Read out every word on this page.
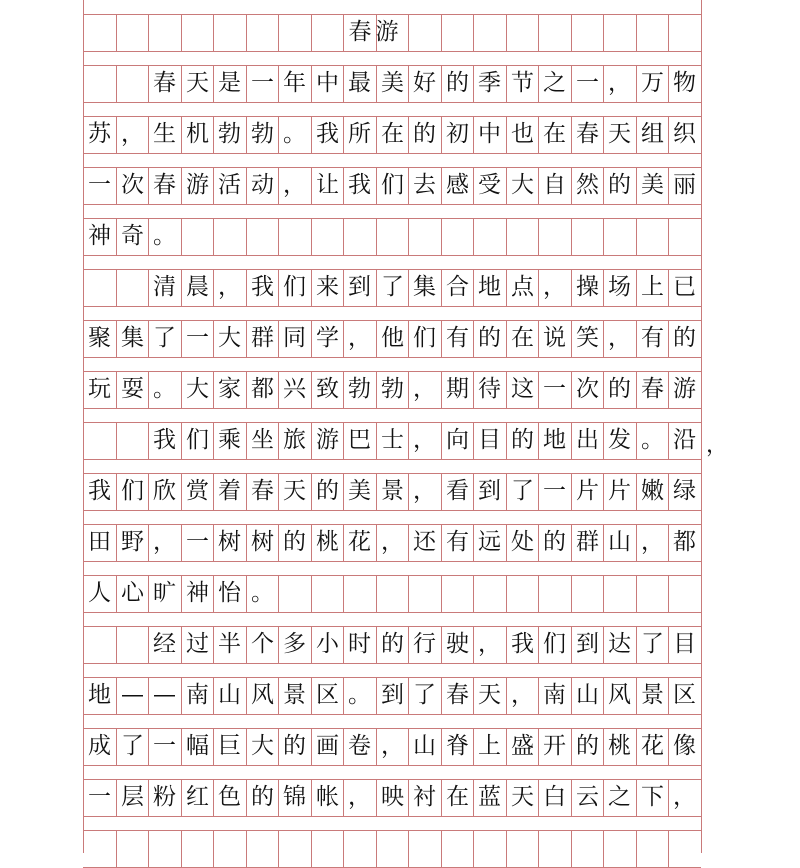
春游
春 天 是 一 年 中 最 美 好 的 季 节 之 一 ， 万 物
苏 ， 生 机 勃 勃 。 我 所 在 的 初 中 也 在 春 天 组 织
一 次 春 游 活 动 ， 让 我 们 去 感 受 大 自 然 的 美 丽
神 奇 。
清 晨 ， 我 们 来 到 了 集 合 地 点 ， 操 场 上 已
聚 集 了 一 大 群 同 学 ， 他 们 有 的 在 说 笑 ， 有 的
玩 耍 。 大 家 都 兴 致 勃 勃 ， 期 待 这 一 次 的 春 游
我 们 乘 坐 旅 游 巴 士 ， 向 目 的 地 出 发 。 沿
我 们 欣 赏 着 春 天 的 美 景 ， 看 到 了 一 片 片 嫩 绿
田 野 ， 一 树 树 的 桃 花 ， 还 有 远 处 的 群 山 ， 都
人 心 旷 神 怡 。
经 过 半 个 多 小 时 的 行 驶 ， 我 们 到 达 了 目
地 — — 南 山 风 景 区 。 到 了 春 天 ， 南 山 风 景 区
成 了 一 幅 巨 大 的 画 卷 ， 山 脊 上 盛 开 的 桃 花 像
一 层 粉 红 色 的 锦 帐 ， 映 衬 在 蓝 天 白 云 之 下 ，
，
